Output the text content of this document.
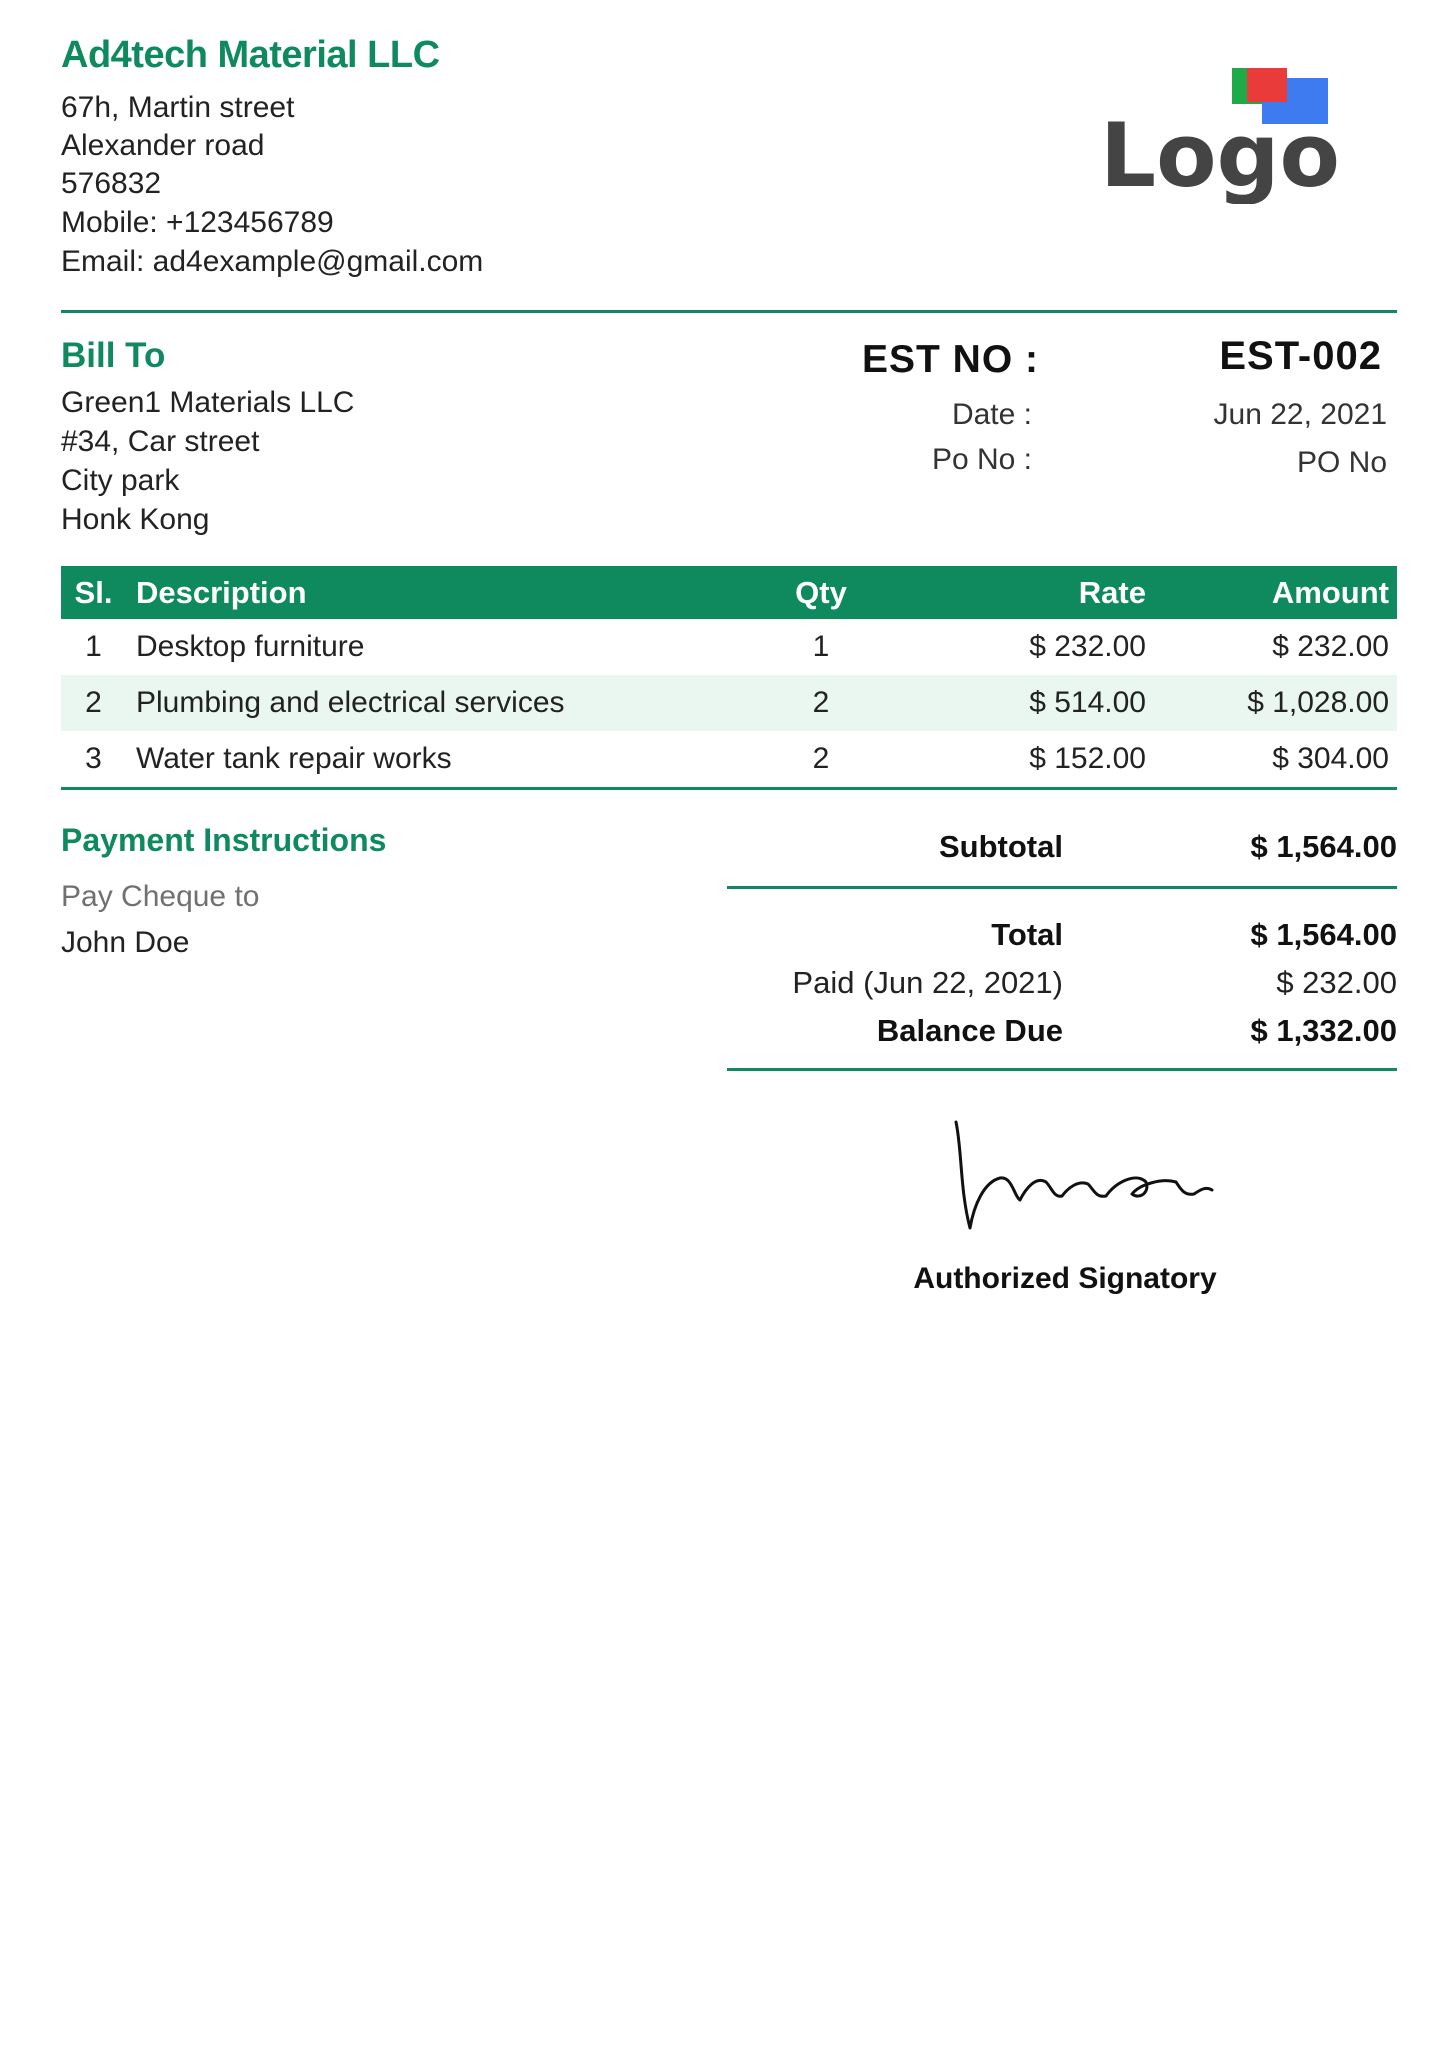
Ad4tech Material LLC
67h, Martin street
Alexander road
576832
Mobile: +123456789
Email: ad4example@gmail.com
Logo
Bill To
Green1 Materials LLC
#34, Car street
City park
Honk Kong
EST NO :	EST-002
Date :	Jun 22, 2021
Po No :	PO No
Sl.	Description	Qty	Rate	Amount
1	Desktop furniture	1	$ 232.00	$ 232.00
2	Plumbing and electrical services	2	$ 514.00	$ 1,028.00
3	Water tank repair works	2	$ 152.00	$ 304.00
Payment Instructions
Pay Cheque to
John Doe
Subtotal	$ 1,564.00
Total	$ 1,564.00
Paid (Jun 22, 2021)	$ 232.00
Balance Due	$ 1,332.00
Authorized Signatory
